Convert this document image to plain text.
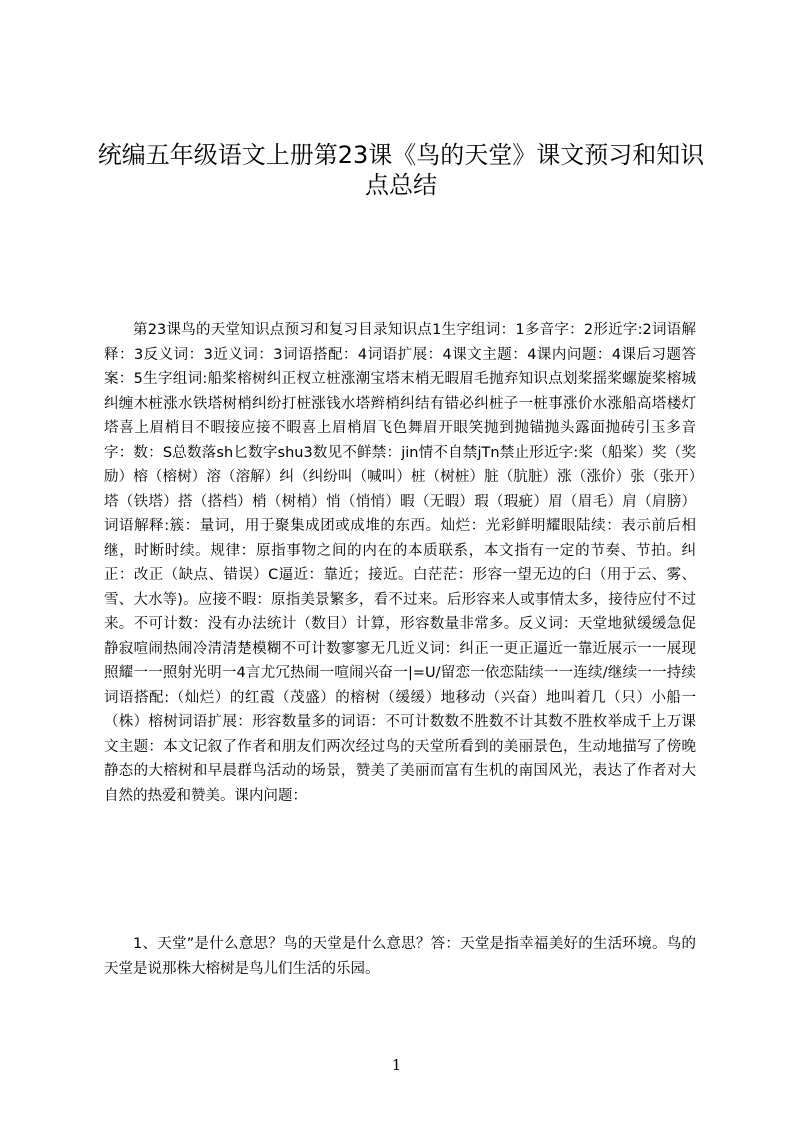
统编五年级语文上册第23课《鸟的天堂》课文预习和知识点总结

第23课鸟的天堂知识点预习和复习目录知识点1生字组词：1多音字：2形近字:2词语解释：3反义词：3近义词：3词语搭配：4词语扩展：4课文主题：4课内问题：4课后习题答案：5生字组词:船桨榕树纠正杈立桩涨潮宝塔末梢无暇眉毛抛弃知识点划桨摇桨螺旋桨榕城纠缠木桩涨水铁塔树梢纠纷打桩涨钱水塔辫梢纠结有错必纠桩子一桩事涨价水涨船高塔楼灯塔喜上眉梢目不暇接应接不暇喜上眉梢眉飞色舞眉开眼笑抛到抛锚抛头露面抛砖引玉多音字：数：S总数落sh匕数字shu3数见不鲜禁：jin情不自禁jTn禁止形近字:桨（船桨）奖（奖励）榕（榕树）溶（溶解）纠（纠纷叫（喊叫）桩（树桩）脏（肮脏）涨（涨价）张（张开）塔（铁塔）搭（搭档）梢（树梢）悄（悄悄）暇（无暇）瑕（瑕疵）眉（眉毛）肩（肩膀）词语解释:簇：量词，用于聚集成团或成堆的东西。灿烂：光彩鲜明耀眼陆续：表示前后相继，时断时续。规律：原指事物之间的内在的本质联系，本文指有一定的节奏、节拍。纠正：改正（缺点、错误）C逼近：靠近；接近。白茫茫：形容一望无边的臼（用于云、雾、雪、大水等)。应接不暇：原指美景繁多，看不过来。后形容来人或事情太多，接待应付不过来。不可计数：没有办法统计（数目）计算，形容数量非常多。反义词：天堂地狱缓缓急促静寂喧闹热闹冷清清楚模糊不可计数寥寥无几近义词：纠正一更正逼近一靠近展示一一展现照耀一一照射光明一4言尤冗热闹一喧闹兴奋一|=U/留恋一依恋陆续一一连续/继续一一持续词语搭配:（灿烂）的红霞（茂盛）的榕树（缓缓）地移动（兴奋）地叫着几（只）小船一（株）榕树词语扩展：形容数量多的词语：不可计数数不胜数不计其数不胜枚举成千上万课文主题：本文记叙了作者和朋友们两次经过鸟的天堂所看到的美丽景色，生动地描写了傍晚静态的大榕树和早晨群鸟活动的场景，赞美了美丽而富有生机的南国风光，表达了作者对大自然的热爱和赞美。课内问题：

1、天堂”是什么意思？鸟的天堂是什么意思？答：天堂是指幸福美好的生活环境。鸟的天堂是说那株大榕树是鸟儿们生活的乐园。

1
